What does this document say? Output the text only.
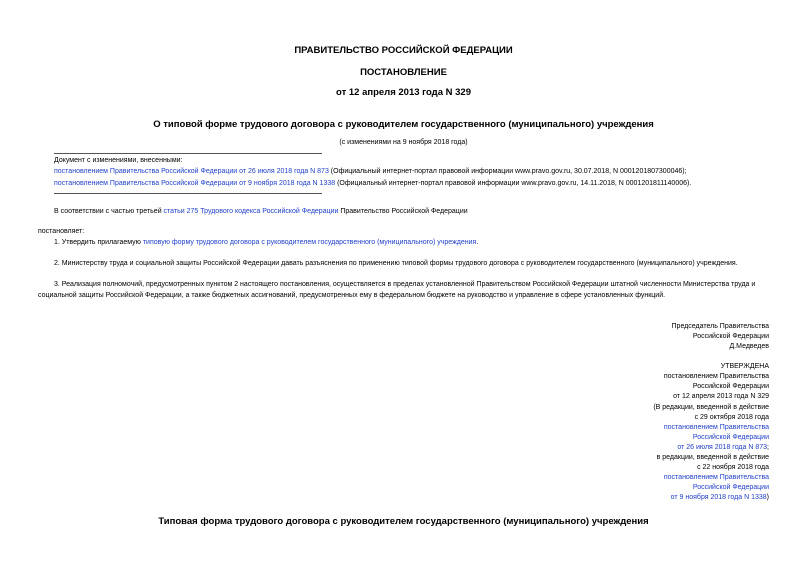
ПРАВИТЕЛЬСТВО РОССИЙСКОЙ ФЕДЕРАЦИИ
ПОСТАНОВЛЕНИЕ
от 12 апреля 2013 года N 329
О типовой форме трудового договора с руководителем государственного (муниципального) учреждения
(с изменениями на 9 ноября 2018 года)
Документ с изменениями, внесенными:
постановлением Правительства Российской Федерации от 26 июля 2018 года N 873 (Официальный интернет-портал правовой информации www.pravo.gov.ru, 30.07.2018, N 0001201807300046);
постановлением Правительства Российской Федерации от 9 ноября 2018 года N 1338 (Официальный интернет-портал правовой информации www.pravo.gov.ru, 14.11.2018, N 0001201811140006).
В соответствии с частью третьей статьи 275 Трудового кодекса Российской Федерации Правительство Российской Федерации
постановляет:
1. Утвердить прилагаемую типовую форму трудового договора с руководителем государственного (муниципального) учреждения.
2. Министерству труда и социальной защиты Российской Федерации давать разъяснения по применению типовой формы трудового договора с руководителем государственного (муниципального) учреждения.
3. Реализация полномочий, предусмотренных пунктом 2 настоящего постановления, осуществляется в пределах установленной Правительством Российской Федерации штатной численности Министерства труда и
социальной защиты Российской Федерации, а также бюджетных ассигнований, предусмотренных ему в федеральном бюджете на руководство и управление в сфере установленных функций.
Председатель Правительства
Российской Федерации
Д.Медведев
УТВЕРЖДЕНА
постановлением Правительства
Российской Федерации
от 12 апреля 2013 года N 329
(В редакции, введенной в действие
с 29 октября 2018 года
постановлением Правительства
Российской Федерации
от 26 июля 2018 года N 873;
в редакции, введенной в действие
с 22 ноября 2018 года
постановлением Правительства
Российской Федерации
от 9 ноября 2018 года N 1338)
Типовая форма трудового договора с руководителем государственного (муниципального) учреждения
